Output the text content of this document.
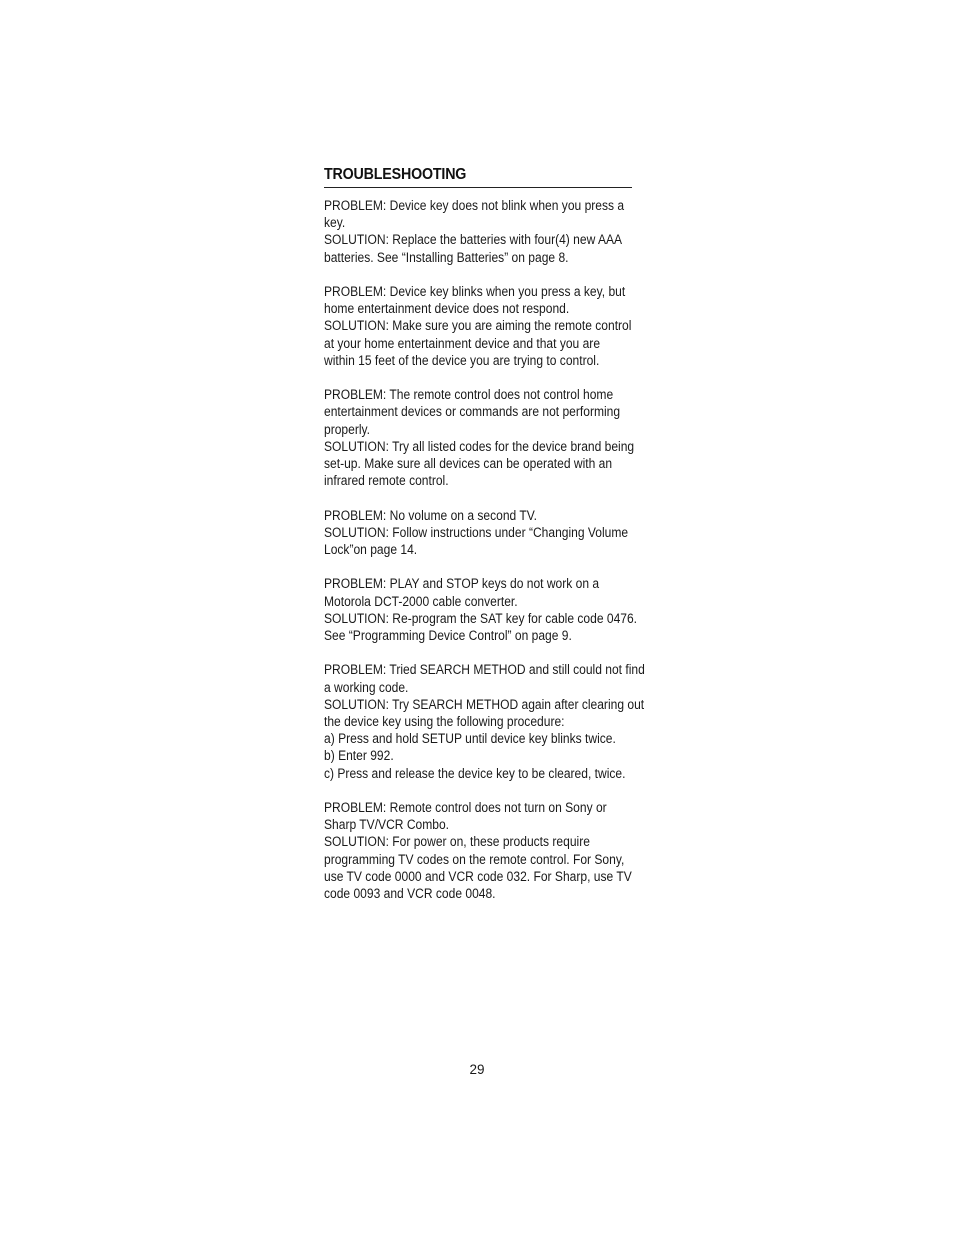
TROUBLESHOOTING
PROBLEM: Device key does not blink when you press a
key.
SOLUTION: Replace the batteries with four(4) new AAA
batteries. See “Installing Batteries” on page 8.
PROBLEM: Device key blinks when you press a key, but
home entertainment device does not respond.
SOLUTION: Make sure you are aiming the remote control
at your home entertainment device and that you are
within 15 feet of the device you are trying to control.
PROBLEM: The remote control does not control home
entertainment devices or commands are not performing
properly.
SOLUTION: Try all listed codes for the device brand being
set-up. Make sure all devices can be operated with an
infrared remote control.
PROBLEM: No volume on a second TV.
SOLUTION: Follow instructions under “Changing Volume
Lock”on page 14.
PROBLEM: PLAY and STOP keys do not work on a
Motorola DCT-2000 cable converter.
SOLUTION: Re-program the SAT key for cable code 0476.
See “Programming Device Control” on page 9.
PROBLEM: Tried SEARCH METHOD and still could not find
a working code.
SOLUTION: Try SEARCH METHOD again after clearing out
the device key using the following procedure:
a) Press and hold SETUP until device key blinks twice.
b) Enter 992.
c) Press and release the device key to be cleared, twice.
PROBLEM: Remote control does not turn on Sony or
Sharp TV/VCR Combo.
SOLUTION: For power on, these products require
programming TV codes on the remote control. For Sony,
use TV code 0000 and VCR code 032. For Sharp, use TV
code 0093 and VCR code 0048.
29
